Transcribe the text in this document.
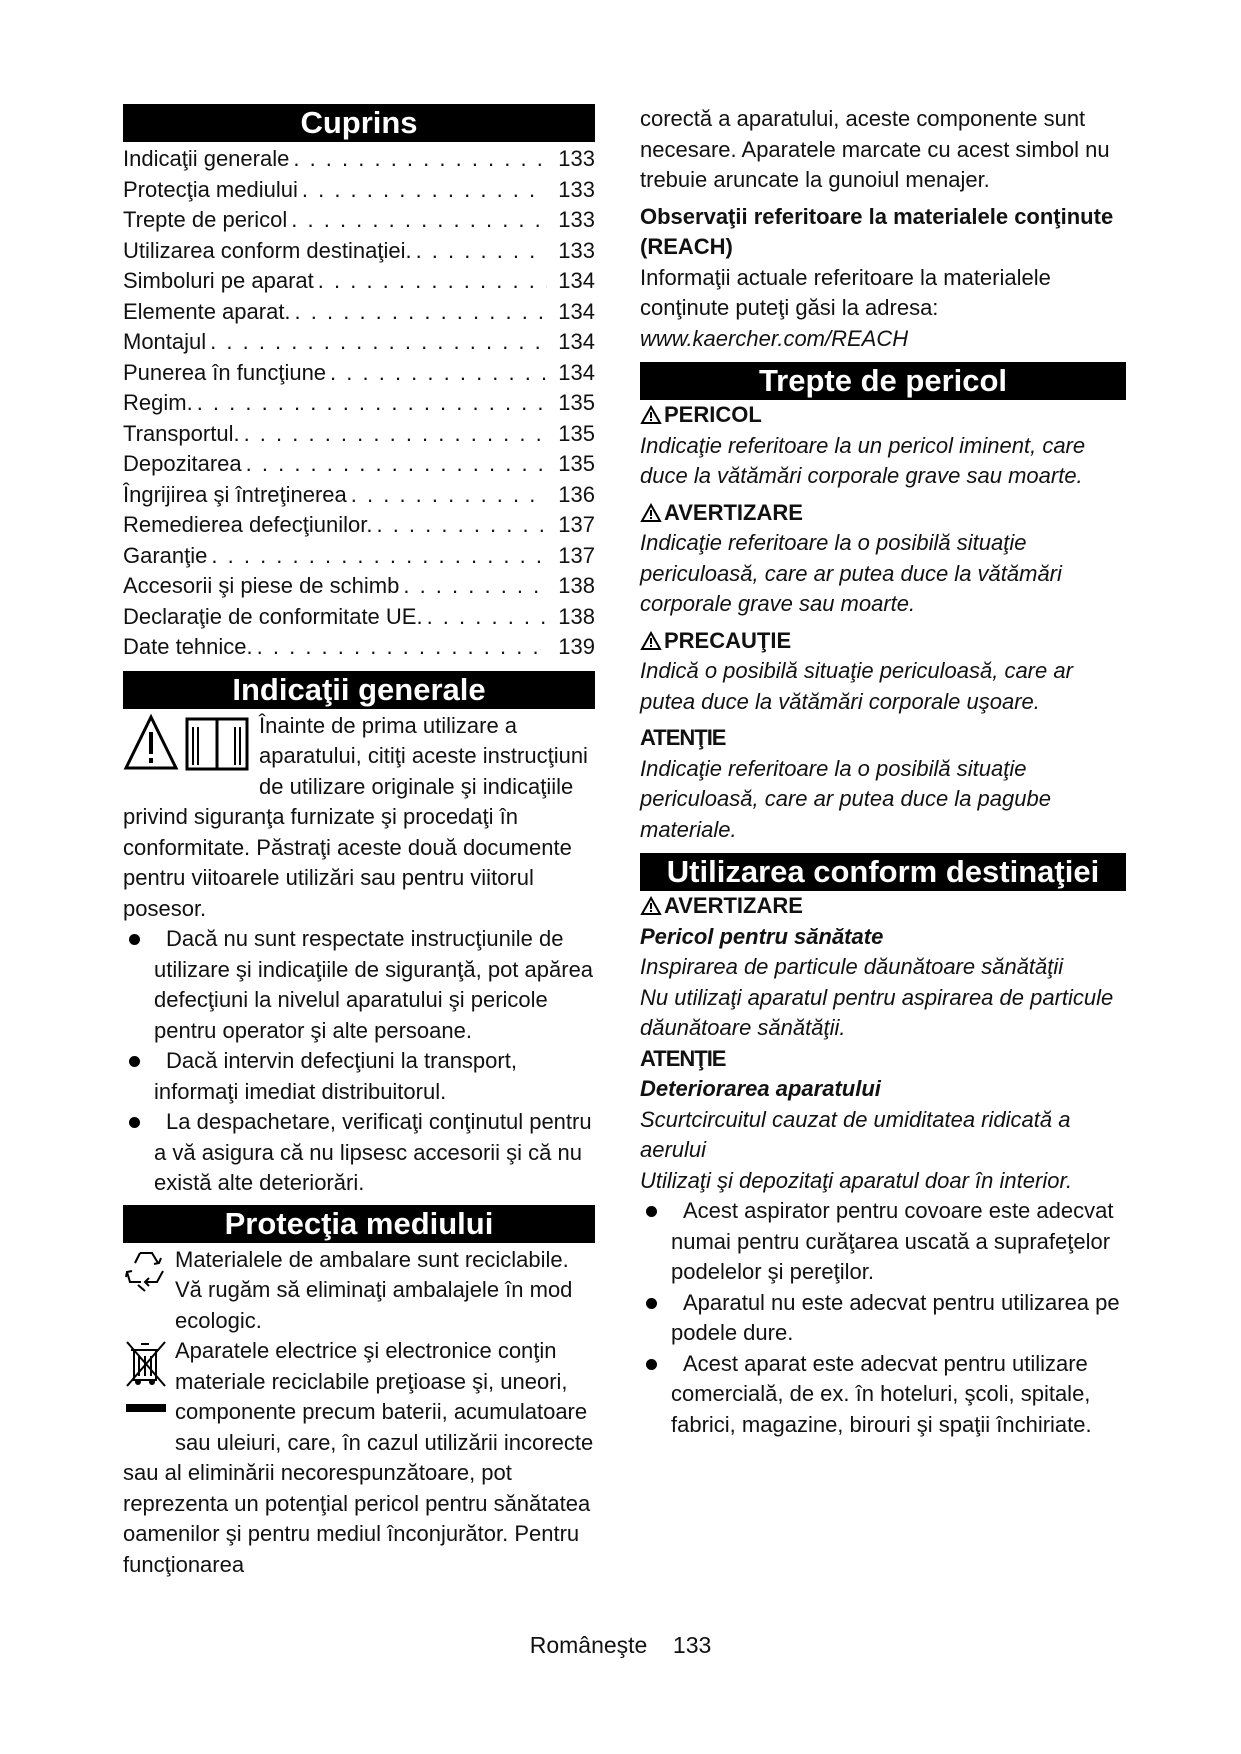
Cuprins
Indicaţii generale . . .	133
Protecţia mediului . . .	133
Trepte de pericol . . .	133
Utilizarea conform destinaţiei. . . .	133
Simboluri pe aparat . . .	134
Elemente aparat. . . .	134
Montajul . . .	134
Punerea în funcţiune . . .	134
Regim. . . .	135
Transportul. . . .	135
Depozitarea . . .	135
Îngrijirea şi întreţinerea . . .	136
Remedierea defecţiunilor. . . .	137
Garanţie . . .	137
Accesorii şi piese de schimb . . .	138
Declaraţie de conformitate UE. . . .	138
Date tehnice. . . .	139
Indicaţii generale

Înainte de prima utilizare a aparatului, citiţi aceste instrucţiuni de utilizare originale şi indicaţiile privind siguranţa furnizate şi procedaţi în conformitate. Păstraţi aceste două documente pentru viitoarele utilizări sau pentru viitorul posesor.

Dacă nu sunt respectate instrucţiunile de utilizare şi indicaţiile de siguranţă, pot apărea defecţiuni la nivelul aparatului şi pericole pentru operator şi alte persoane.
Dacă intervin defecţiuni la transport, informaţi imediat distribuitorul.
La despachetare, verificaţi conţinutul pentru a vă asigura că nu lipsesc accesorii şi că nu există alte deteriorări.
Protecţia mediului

Materialele de ambalare sunt reciclabile. Vă rugăm să eliminaţi ambalajele în mod ecologic.

Aparatele electrice şi electronice conţin materiale reciclabile preţioase şi, uneori, componente precum baterii, acumulatoare sau uleiuri, care, în cazul utilizării incorecte sau al eliminării necorespunzătoare, pot reprezenta un potenţial pericol pentru sănătatea oamenilor şi pentru mediul înconjurător. Pentru funcţionarea

corectă a aparatului, aceste componente sunt necesare. Aparatele marcate cu acest simbol nu trebuie aruncate la gunoiul menajer.

Observaţii referitoare la materialele conţinute (REACH)

Informaţii actuale referitoare la materialele conţinute puteţi găsi la adresa: www.kaercher.com/REACH

Trepte de pericol
PERICOL

Indicaţie referitoare la un pericol iminent, care duce la vătămări corporale grave sau moarte.

AVERTIZARE

Indicaţie referitoare la o posibilă situaţie periculoasă, care ar putea duce la vătămări corporale grave sau moarte.

PRECAUŢIE

Indică o posibilă situaţie periculoasă, care ar putea duce la vătămări corporale uşoare.

ATENŢIE

Indicaţie referitoare la o posibilă situaţie periculoasă, care ar putea duce la pagube materiale.

Utilizarea conform destinaţiei
AVERTIZARE

Pericol pentru sănătate

Inspirarea de particule dăunătoare sănătăţii

Nu utilizaţi aparatul pentru aspirarea de particule dăunătoare sănătăţii.

ATENŢIE

Deteriorarea aparatului

Scurtcircuitul cauzat de umiditatea ridicată a aerului

Utilizaţi şi depozitaţi aparatul doar în interior.

Acest aspirator pentru covoare este adecvat numai pentru curăţarea uscată a suprafeţelor podelelor şi pereţilor.
Aparatul nu este adecvat pentru utilizarea pe podele dure.
Acest aparat este adecvat pentru utilizare comercială, de ex. în hoteluri, şcoli, spitale, fabrici, magazine, birouri şi spaţii închiriate.
Româneşte 133
